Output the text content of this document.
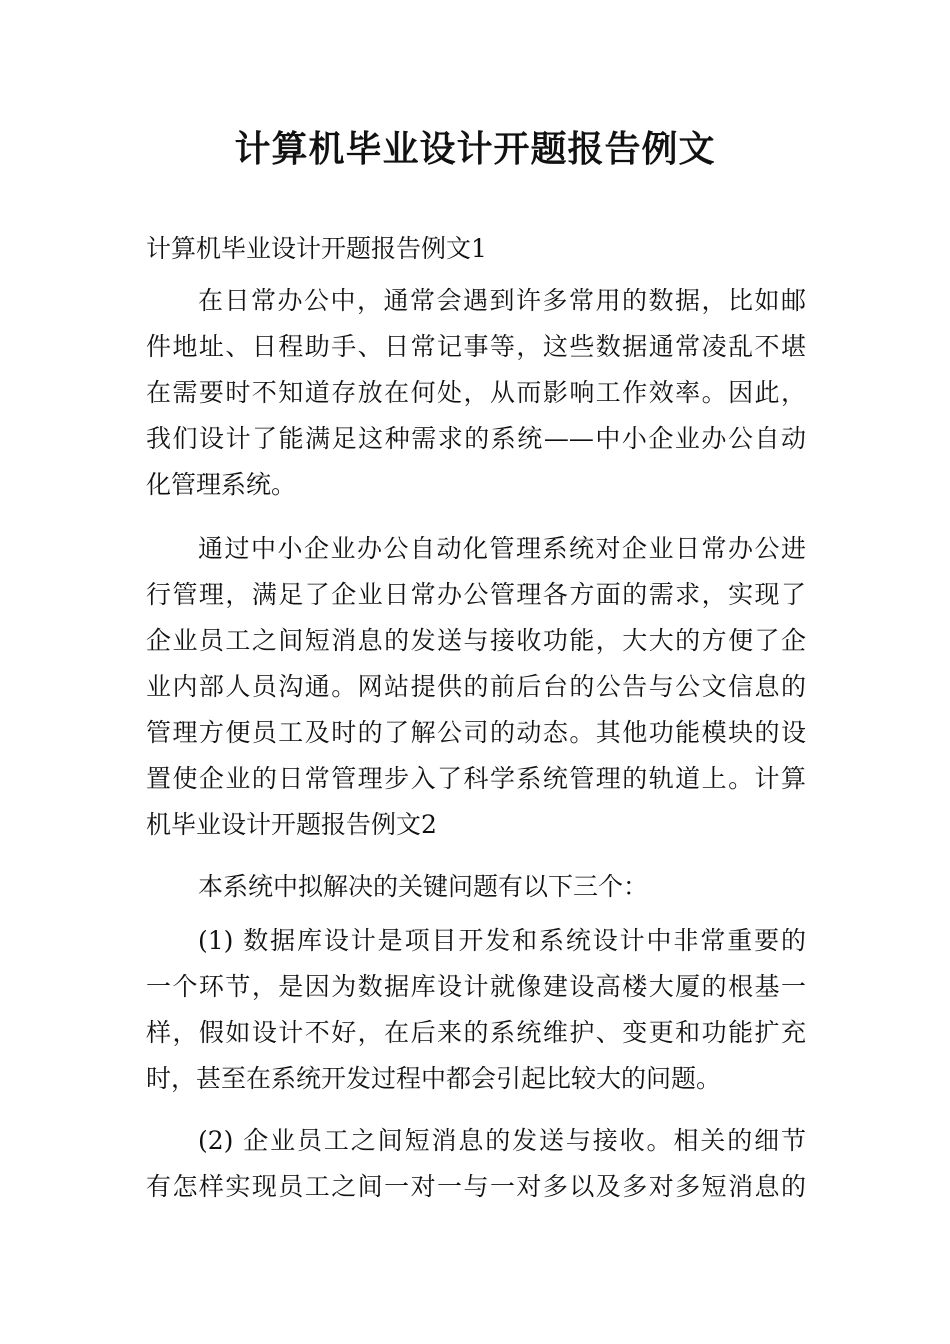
计算机毕业设计开题报告例文

计算机毕业设计开题报告例文1

在日常办公中，通常会遇到许多常用的数据，比如邮

件地址、日程助手、日常记事等，这些数据通常凌乱不堪

在需要时不知道存放在何处，从而影响工作效率。因此，

我们设计了能满足这种需求的系统——中小企业办公自动

化管理系统。

通过中小企业办公自动化管理系统对企业日常办公进

行管理，满足了企业日常办公管理各方面的需求，实现了

企业员工之间短消息的发送与接收功能，大大的方便了企

业内部人员沟通。网站提供的前后台的公告与公文信息的

管理方便员工及时的了解公司的动态。其他功能模块的设

置使企业的日常管理步入了科学系统管理的轨道上。计算

机毕业设计开题报告例文2

本系统中拟解决的关键问题有以下三个：

(1) 数据库设计是项目开发和系统设计中非常重要的

一个环节，是因为数据库设计就像建设高楼大厦的根基一

样，假如设计不好，在后来的系统维护、变更和功能扩充

时，甚至在系统开发过程中都会引起比较大的问题。

(2) 企业员工之间短消息的发送与接收。相关的细节

有怎样实现员工之间一对一与一对多以及多对多短消息的
